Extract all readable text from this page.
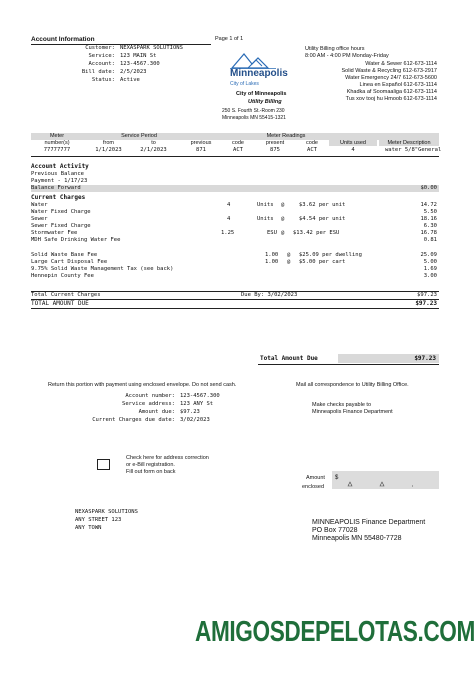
Account Information	Page 1 of 1
Customer: NEXASPARK SOLUTIONS
Service: 123 MAIN St
Account: 123-4567.300
Bill date: 2/5/2023
Status: Active
Minneapolis
City of Lakes
City of Minneapolis
Utility Billing
250 S. Fourth St.-Room 230
Minneapolis MN 55415-1321
Utility Billing office hours
8:00 AM - 4:00 PM Monday-Friday
Water & Sewer 612-673-1114
Solid Waste & Recycling 612-673-2917
Water Emergency 24/7 612-673-5600
Linea en Español 612-673-1114
Khadka af Soomaaliga 612-673-1114
Tus xov tooj hu Hmoob 612-673-1114
Meter	Service Period	Meter Readings
number(s)	from	to	previous	code	present	code	Units used	Meter Description
77777777	1/1/2023	2/1/2023	871	ACT	875	ACT	4	water 5/8"General
Account Activity
Previous Balance
Payment - 1/17/23
Balance Forward	$0.00
Current Charges
Water	4	Units @	$3.62 per unit	14.72
Water Fixed Charge	5.50
Sewer	4	Units @	$4.54 per unit	18.16
Sewer Fixed Charge	6.30
Stormwater Fee	1.25	ESU @ $13.42 per ESU	16.78
MDH Safe Drinking Water Fee	0.81
Solid Waste Base Fee	1.00 @ $25.09 per dwelling	25.09
Large Cart Disposal Fee	1.00 @ $5.00 per cart	5.00
9.75% Solid Waste Management Tax (see back)	1.69
Hennepin County Fee	3.00
Total Current Charges	Due By: 3/02/2023	$97.23
TOTAL AMOUNT DUE	$97.23
Total Amount Due	$97.23
Return this portion with payment using enclosed envelope. Do not send cash.	Mail all correspondence to Utility Billing Office.
Account number: 123-4567.300
Service address: 123 ANY St
Amount due: $97.23
Current Charges due date: 3/02/2023
Make checks payable to
Minneapolis Finance Department
Check here for address correction
or e-Bill registration.
Fill out form on back
Amount
enclosed
$
NEXASPARK SOLUTIONS
ANY STREET 123
ANY TOWN
MINNEAPOLIS Finance Department
PO Box 77028
Minneapolis MN 55480-7728
AMIGOSDEPELOTAS.COM
